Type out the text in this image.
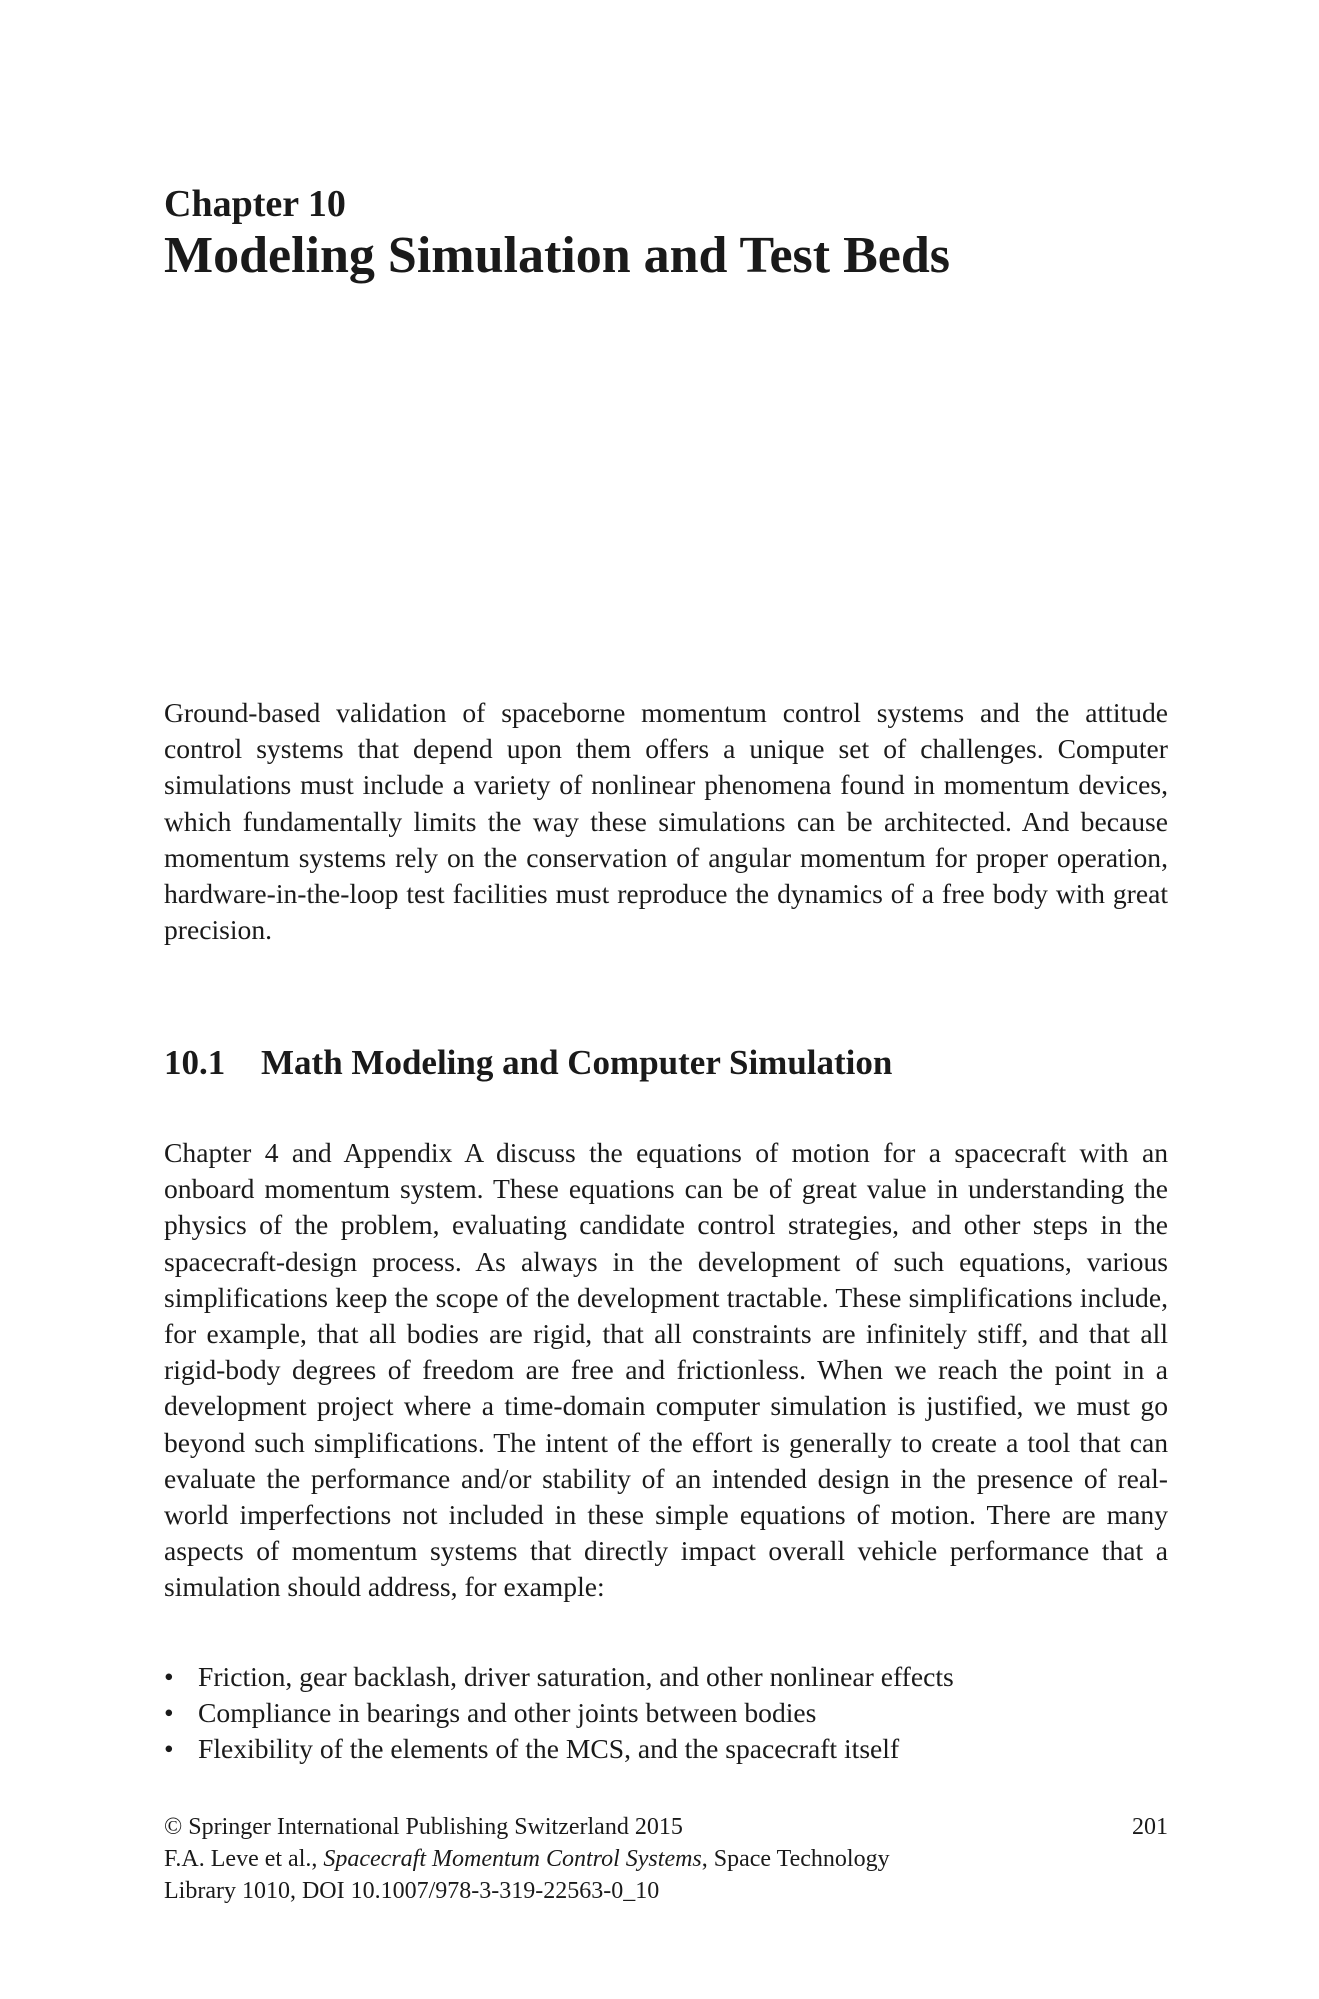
Chapter 10
Modeling Simulation and Test Beds

Ground-based validation of spaceborne momentum control systems and the attitude control systems that depend upon them offers a unique set of challenges. Computer simulations must include a variety of nonlinear phenomena found in momentum devices, which fundamentally limits the way these simulations can be architected. And because momentum systems rely on the conservation of angular momentum for proper operation, hardware-in-the-loop test facilities must reproduce the dynamics of a free body with great precision.

10.1 Math Modeling and Computer Simulation

Chapter 4 and Appendix A discuss the equations of motion for a spacecraft with an onboard momentum system. These equations can be of great value in understanding the physics of the problem, evaluating candidate control strategies, and other steps in the spacecraft-design process. As always in the development of such equations, various simplifications keep the scope of the development tractable. These simplifications include, for example, that all bodies are rigid, that all constraints are infinitely stiff, and that all rigid-body degrees of freedom are free and frictionless. When we reach the point in a development project where a time-domain computer simulation is justified, we must go beyond such simplifications. The intent of the effort is generally to create a tool that can evaluate the performance and/or stability of an intended design in the presence of real-world imperfections not included in these simple equations of motion. There are many aspects of momentum systems that directly impact overall vehicle performance that a simulation should address, for example:

• Friction, gear backlash, driver saturation, and other nonlinear effects
• Compliance in bearings and other joints between bodies
• Flexibility of the elements of the MCS, and the spacecraft itself
© Springer International Publishing Switzerland 2015
F.A. Leve et al., Spacecraft Momentum Control Systems, Space Technology
Library 1010, DOI 10.1007/978-3-319-22563-0_10
201
